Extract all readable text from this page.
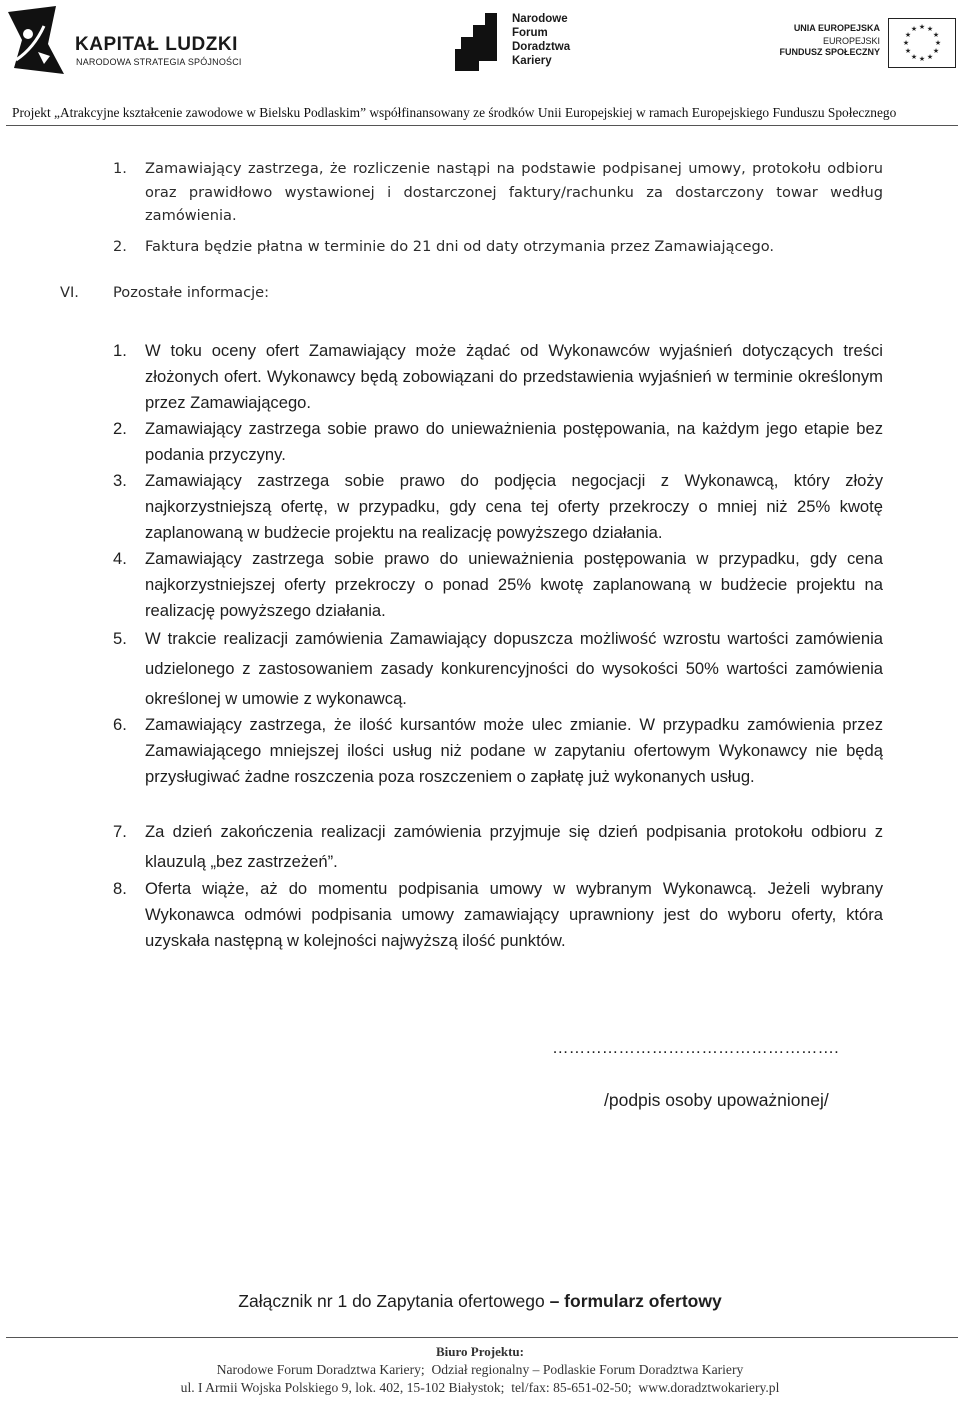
KAPITAŁ LUDZKI
NARODOWA STRATEGIA SPÓJNOŚCI
Narodowe
Forum
Doradztwa
Kariery
UNIA EUROPEJSKA
EUROPEJSKI
FUNDUSZ SPOŁECZNY
★ ★
★
★
★
★
★
★
★
★
★
★
Projekt „Atrakcyjne kształcenie zawodowe w Bielsku Podlaskim” współfinansowany ze środków Unii Europejskiej w ramach Europejskiego Funduszu Społecznego
1. Zamawiający zastrzega, że rozliczenie nastąpi na podstawie podpisanej umowy, protokołu odbioru oraz prawidłowo wystawionej i dostarczonej faktury/rachunku za dostarczony towar według zamówienia.
2. Faktura będzie płatna w terminie do 21 dni od daty otrzymania przez Zamawiającego.
VI. Pozostałe informacje:
1. W toku oceny ofert Zamawiający może żądać od Wykonawców wyjaśnień dotyczących treści złożonych ofert. Wykonawcy będą zobowiązani do przedstawienia wyjaśnień w terminie określonym przez Zamawiającego.
2. Zamawiający zastrzega sobie prawo do unieważnienia postępowania, na każdym jego etapie bez podania przyczyny.
3. Zamawiający zastrzega sobie prawo do podjęcia negocjacji z Wykonawcą, który złoży najkorzystniejszą ofertę, w przypadku, gdy cena tej oferty przekroczy o mniej niż 25% kwotę zaplanowaną w budżecie projektu na realizację powyższego działania.
4. Zamawiający zastrzega sobie prawo do unieważnienia postępowania w przypadku, gdy cena najkorzystniejszej oferty przekroczy o ponad 25% kwotę zaplanowaną w budżecie projektu na realizację powyższego działania.
5. W trakcie realizacji zamówienia Zamawiający dopuszcza możliwość wzrostu wartości zamówienia udzielonego z zastosowaniem zasady konkurencyjności do wysokości 50% wartości zamówienia określonej w umowie z wykonawcą.
6. Zamawiający zastrzega, że ilość kursantów może ulec zmianie. W przypadku zamówienia przez Zamawiającego mniejszej ilości usług niż podane w zapytaniu ofertowym Wykonawcy nie będą przysługiwać żadne roszczenia poza roszczeniem o zapłatę już wykonanych usług.
7. Za dzień zakończenia realizacji zamówienia przyjmuje się dzień podpisania protokołu odbioru z klauzulą „bez zastrzeżeń”.
8. Oferta wiąże, aż do momentu podpisania umowy w wybranym Wykonawcą. Jeżeli wybrany Wykonawca odmówi podpisania umowy zamawiający uprawniony jest do wyboru oferty, która uzyskała następną w kolejności najwyższą ilość punktów.
…………………………………………….
/podpis osoby upoważnionej/
Załącznik nr 1 do Zapytania ofertowego – formularz ofertowy
Biuro Projektu:
Narodowe Forum Doradztwa Kariery;  Odział regionalny – Podlaskie Forum Doradztwa Kariery
ul. I Armii Wojska Polskiego 9, lok. 402, 15-102 Białystok;  tel/fax: 85-651-02-50;  www.doradztwokariery.pl
